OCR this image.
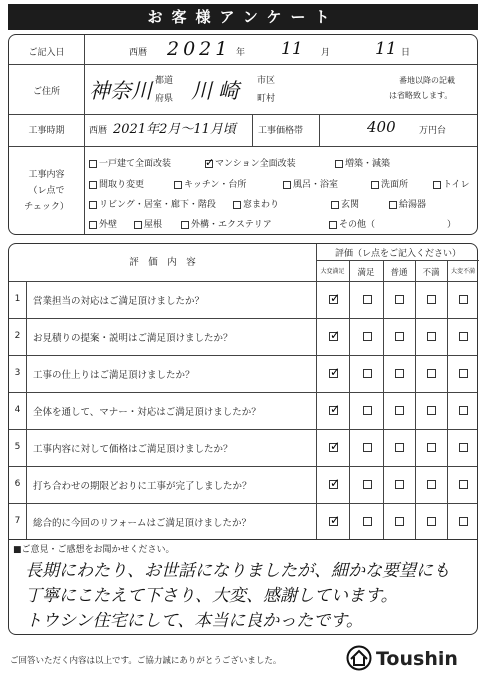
お客様アンケート
ご記入日	西暦 2021 年 11 月	11 日
ご住所	神奈川 都道
府県 川崎 市区
町村
番地以降の記載
は省略致します。
工事時期	西暦 2021年2月〜11月頃 工事価格帯	400	万円台
工事内容
（レ点で
チェック）
一戸建て全面改装
✓	マンション全面改装	増築・減築
間取り変更	キッチン・台所	風呂・浴室	洗面所	トイレ
リビング・居室・廊下・階段	窓まわり	玄関	給湯器
外壁	屋根	外構・エクステリア	その他（　　　　　　　　）
評　価　内　容
評価（レ点をご記入ください）
大変満足	満足	普通	不満	大変不満
1	営業担当の対応はご満足頂けましたか？
2	お見積りの提案・説明はご満足頂けましたか？
3	工事の仕上りはご満足頂けましたか？
4	全体を通して、マナー・対応はご満足頂けましたか？
5	工事内容に対して価格はご満足頂けましたか？
6	打ち合わせの期限どおりに工事が完了しましたか？
7	総合的に今回のリフォームはご満足頂けましたか？
✓
✓
✓
✓
✓
✓
✓
■ご意見・ご感想をお聞かせください。
長期にわたり、お世話になりましたが、細かな要望にも
丁寧にこたえて下さり、大変、感謝しています。
トウシン住宅にして、本当に良かったです。
ご回答いただく内容は以上です。ご協力誠にありがとうございました。	Toushin
